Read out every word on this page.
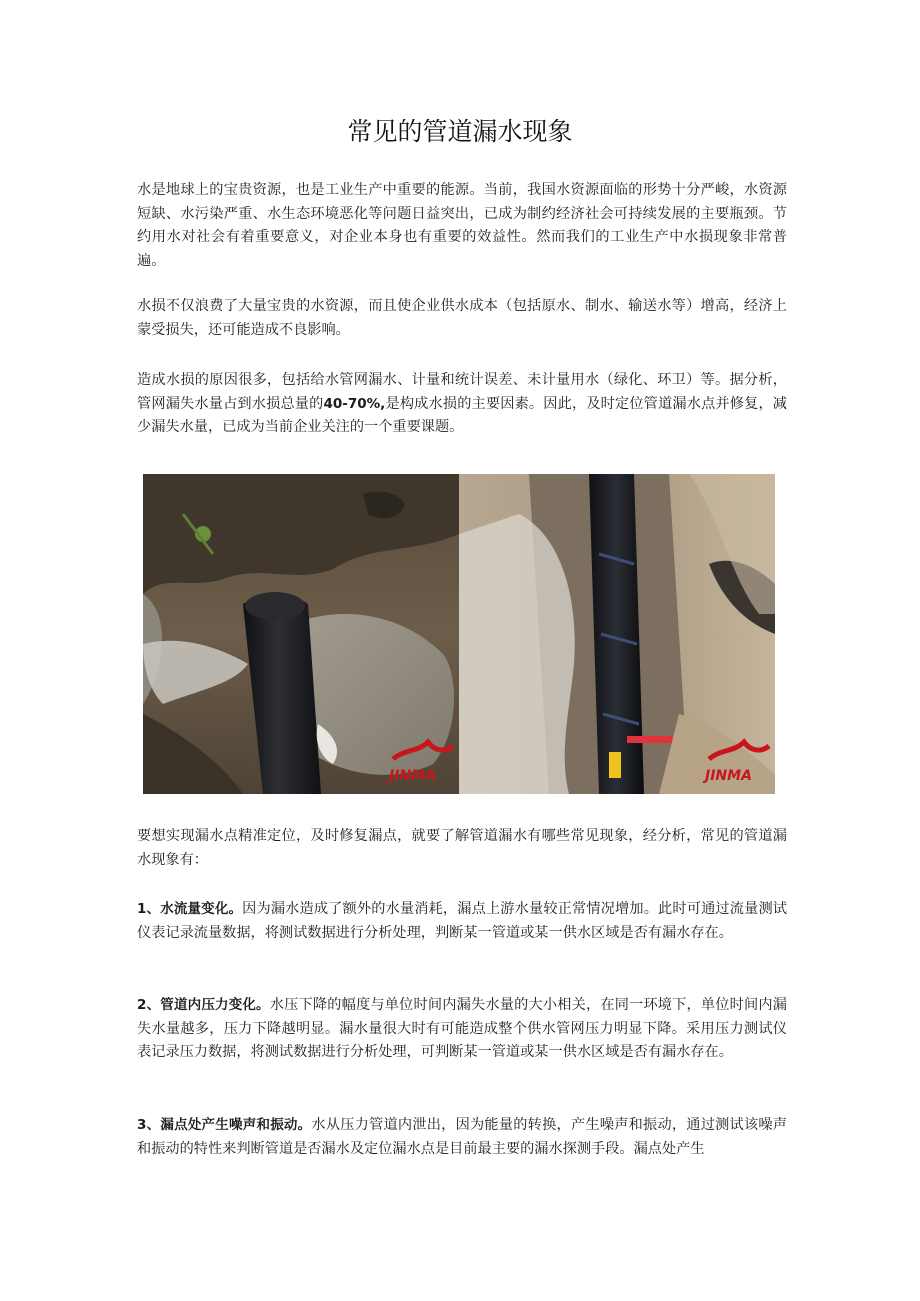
常见的管道漏水现象

水是地球上的宝贵资源，也是工业生产中重要的能源。当前，我国水资源面临的形势十分严峻，水资源短缺、水污染严重、水生态环境恶化等问题日益突出，已成为制约经济社会可持续发展的主要瓶颈。节约用水对社会有着重要意义，对企业本身也有重要的效益性。然而我们的工业生产中水损现象非常普遍。

水损不仅浪费了大量宝贵的水资源，而且使企业供水成本（包括原水、制水、输送水等）增高，经济上蒙受损失，还可能造成不良影响。

造成水损的原因很多，包括给水管网漏水、计量和统计误差、未计量用水（绿化、环卫）等。据分析，管网漏失水量占到水损总量的40-70%,是构成水损的主要因素。因此，及时定位管道漏水点并修复，减少漏失水量，已成为当前企业关注的一个重要课题。

JINMA	JINMA

要想实现漏水点精准定位，及时修复漏点，就要了解管道漏水有哪些常见现象，经分析，常见的管道漏水现象有：

1、水流量变化。因为漏水造成了额外的水量消耗，漏点上游水量较正常情况增加。此时可通过流量测试仪表记录流量数据，将测试数据进行分析处理，判断某一管道或某一供水区域是否有漏水存在。

2、管道内压力变化。水压下降的幅度与单位时间内漏失水量的大小相关，在同一环境下，单位时间内漏失水量越多，压力下降越明显。漏水量很大时有可能造成整个供水管网压力明显下降。采用压力测试仪表记录压力数据，将测试数据进行分析处理，可判断某一管道或某一供水区域是否有漏水存在。

3、漏点处产生噪声和振动。水从压力管道内泄出，因为能量的转换，产生噪声和振动，通过测试该噪声和振动的特性来判断管道是否漏水及定位漏水点是目前最主要的漏水探测手段。漏点处产生
